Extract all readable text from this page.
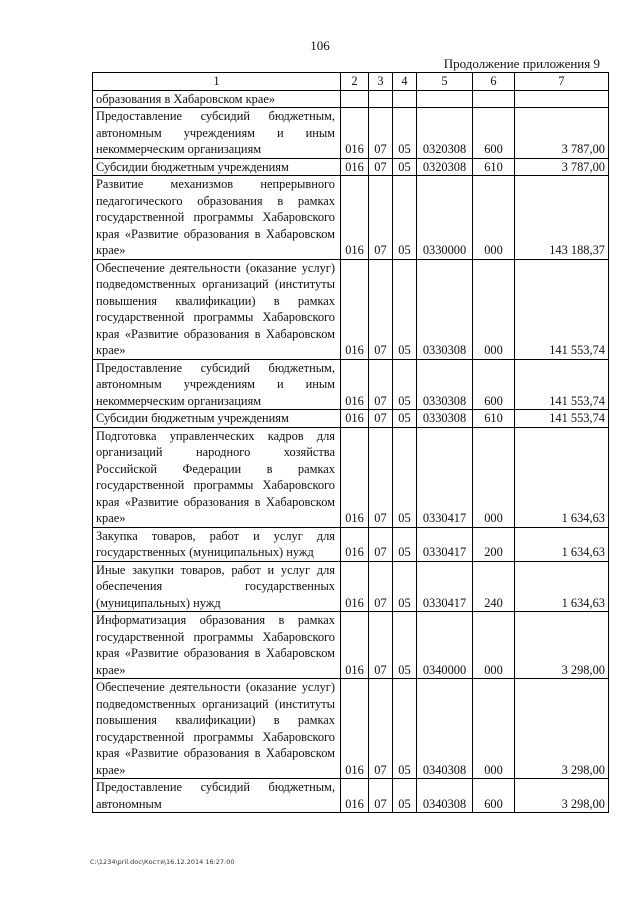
106
Продолжение приложения 9
1	2	3	4	5	6	7
образования в Хабаровском крае»						
Предоставление субсидий бюджетным, автономным учреждениям и иным некоммерческим организациям	016	07	05	0320308	600	3 787,00
Субсидии бюджетным учреждениям	016	07	05	0320308	610	3 787,00
Развитие механизмов непрерывного педагогического образования в рамках государственной программы Хабаровского края «Развитие образования в Хабаровском крае»	016	07	05	0330000	000	143 188,37
Обеспечение деятельности (оказание услуг) подведомственных организаций (институты повышения квалификации) в рамках государственной программы Хабаровского края «Развитие образования в Хабаровском крае»	016	07	05	0330308	000	141 553,74
Предоставление субсидий бюджетным, автономным учреждениям и иным некоммерческим организациям	016	07	05	0330308	600	141 553,74
Субсидии бюджетным учреждениям	016	07	05	0330308	610	141 553,74
Подготовка управленческих кадров для организаций народного хозяйства Российской Федерации в рамках государственной программы Хабаровского края «Развитие образования в Хабаровском крае»	016	07	05	0330417	000	1 634,63
Закупка товаров, работ и услуг для государственных (муниципальных) нужд	016	07	05	0330417	200	1 634,63
Иные закупки товаров, работ и услуг для обеспечения государственных (муниципальных) нужд	016	07	05	0330417	240	1 634,63
Информатизация образования в рамках государственной программы Хабаровского края «Развитие образования в Хабаровском крае»	016	07	05	0340000	000	3 298,00
Обеспечение деятельности (оказание услуг) подведомственных организаций (институты повышения квалификации) в рамках государственной программы Хабаровского края «Развитие образования в Хабаровском крае»	016	07	05	0340308	000	3 298,00
Предоставление субсидий бюджетным, автономным	016	07	05	0340308	600	3 298,00
C:\1234\pril.doc\Костя\16.12.2014 16:27:00
